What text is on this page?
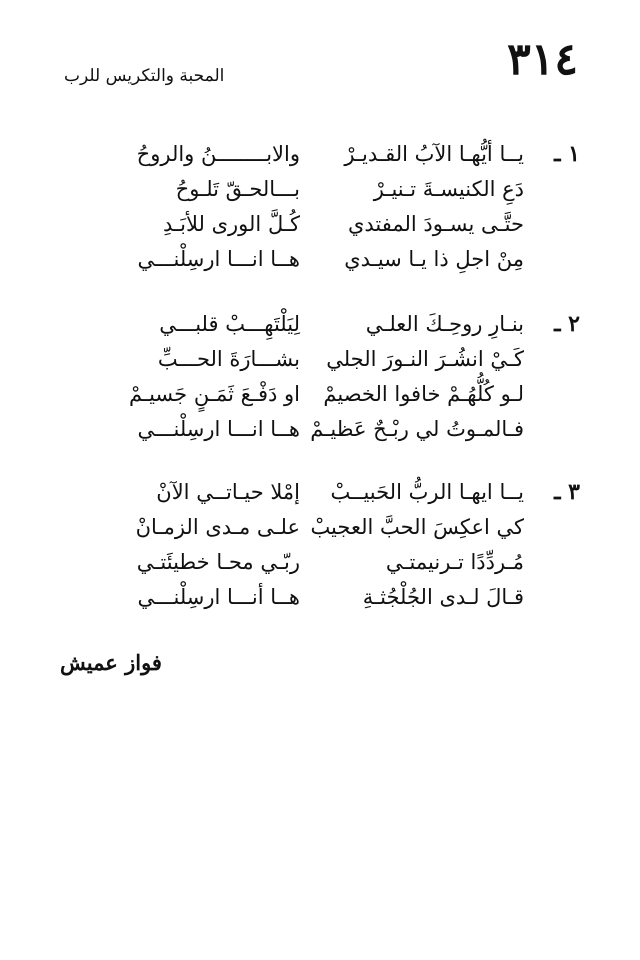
٣١٤
المحبة والتكريس للرب
١ ـ
يــا أيُّهـا الآبُ القـديـرْ
والابــــــــنُ والروحُ
دَعِ الكنيسـةَ تـنيـرْ
بـــالحـقّ تَلـوحُ
حتَّـى يسـودَ المفتدي
كُـلَّ الورى للأبَـدِ
مِنْ اجلِ ذا يـا سيـدي
هــا انـــا ارسِلْنـــي
٢ ـ
بنـارِ روحِـكَ العلـي
لِيَلْتَهِـــبْ قلبـــي
كَـيْ انشُـرَ النـورَ الجلي
بشـــارَةَ الحـــبِّ
لـو كُلُّهُـمْ خافوا الخصيمْ
او دَفْـعَ ثَمَـنٍ جَسيـمْ
فـالمـوتُ لي ربْـحٌ عَظيـمْ
هــا انـــا ارسِلْنـــي
٣ ـ
يــا ايهـا الربُّ الحَبيــبْ
إمْلا حيـاتــي الآنْ
كي اعكِسَ الحبَّ العجيبْ
علـى مـدى الزمـانْ
مُـردِّدًا تـرنيمتـي
ربّـي محـا خطيئَتـي
قـالَ لـدى الجُلْجُثـةِ
هــا أنـــا ارسِلْنـــي
فواز عميش
